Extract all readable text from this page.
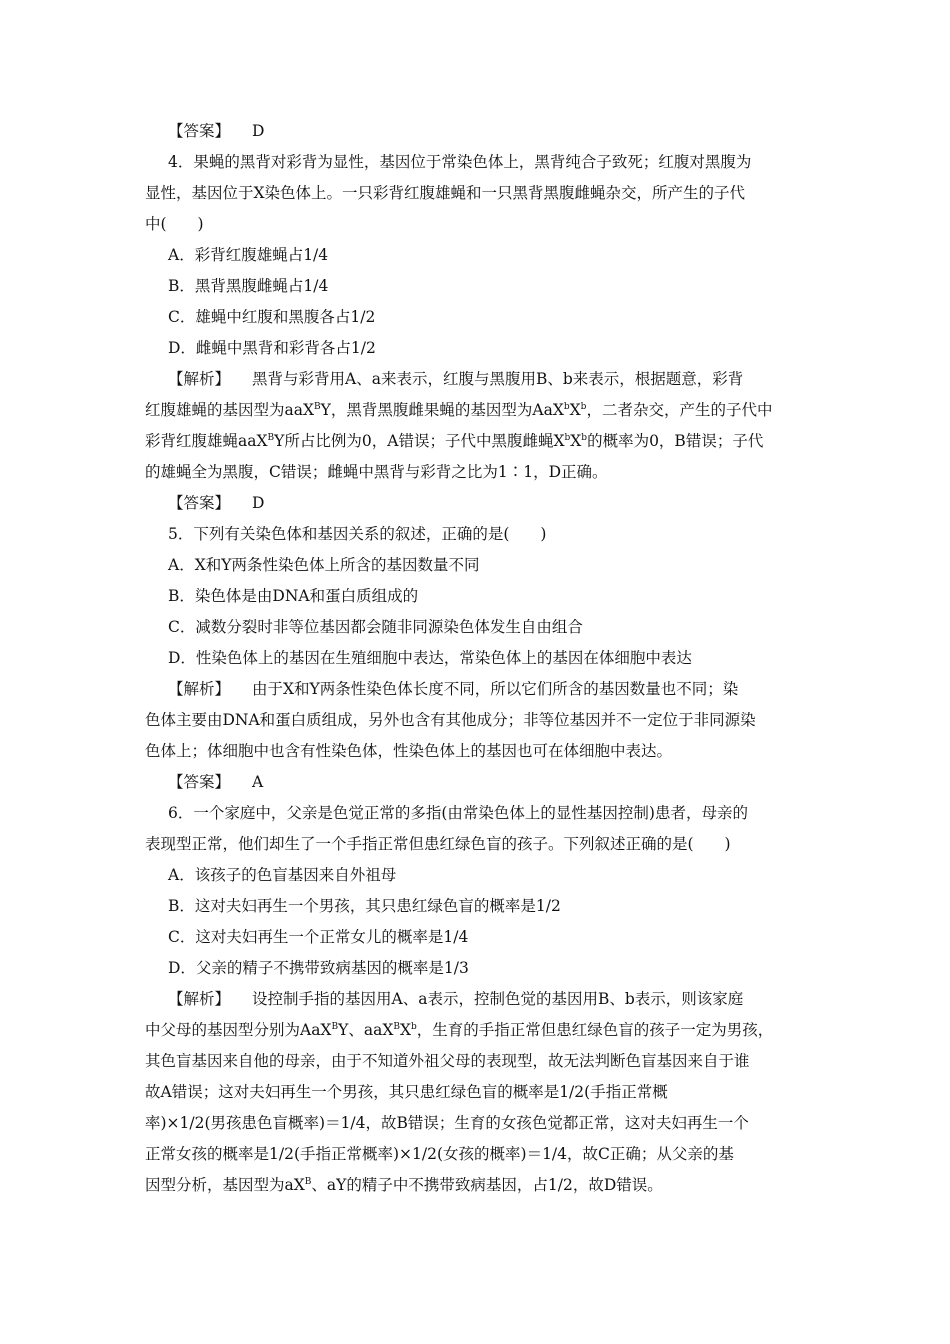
【答案】 D
4．果蝇的黑背对彩背为显性，基因位于常染色体上，黑背纯合子致死；红腹对黑腹为
显性，基因位于X染色体上。一只彩背红腹雄蝇和一只黑背黑腹雌蝇杂交，所产生的子代
中(　　)
A．彩背红腹雄蝇占1/4
B．黑背黑腹雌蝇占1/4
C．雄蝇中红腹和黑腹各占1/2
D．雌蝇中黑背和彩背各占1/2
【解析】 黑背与彩背用A、a来表示，红腹与黑腹用B、b来表示，根据题意，彩背
红腹雄蝇的基因型为aaX$^B$Y，黑背黑腹雌果蝇的基因型为$AaX^bX^b$，二者杂交，产生的子代中
彩背红腹雄蝇aaX$^B$Y所占比例为0，A错误；子代中黑腹雌蝇$X^bX^b$的概率为0，B错误；子代
的雄蝇全为黑腹，C错误；雌蝇中黑背与彩背之比为1∶1，D正确。
【答案】 D
5．下列有关染色体和基因关系的叙述，正确的是(　　)
A．X和Y两条性染色体上所含的基因数量不同
B．染色体是由DNA和蛋白质组成的
C．减数分裂时非等位基因都会随非同源染色体发生自由组合
D．性染色体上的基因在生殖细胞中表达，常染色体上的基因在体细胞中表达
【解析】 由于X和Y两条性染色体长度不同，所以它们所含的基因数量也不同；染
色体主要由DNA和蛋白质组成，另外也含有其他成分；非等位基因并不一定位于非同源染
色体上；体细胞中也含有性染色体，性染色体上的基因也可在体细胞中表达。
【答案】 A
6．一个家庭中，父亲是色觉正常的多指(由常染色体上的显性基因控制)患者，母亲的
表现型正常，他们却生了一个手指正常但患红绿色盲的孩子。下列叙述正确的是(　　)
A．该孩子的色盲基因来自外祖母
B．这对夫妇再生一个男孩，其只患红绿色盲的概率是1/2
C．这对夫妇再生一个正常女儿的概率是1/4
D．父亲的精子不携带致病基因的概率是1/3
【解析】 设控制手指的基因用A、a表示，控制色觉的基因用B、b表示，则该家庭
中父母的基因型分别为AaX$^B$Y、$aaX^BX^b$，生育的手指正常但患红绿色盲的孩子一定为男孩，
其色盲基因来自他的母亲，由于不知道外祖父母的表现型，故无法判断色盲基因来自于谁
故A错误；这对夫妇再生一个男孩，其只患红绿色盲的概率是1/2(手指正常概
率)×1/2(男孩患色盲概率)＝1/4，故B错误；生育的女孩色觉都正常，这对夫妇再生一个
正常女孩的概率是1/2(手指正常概率)×1/2(女孩的概率)＝1/4，故C正确；从父亲的基
因型分析，基因型为$aX^B$、aY的精子中不携带致病基因，占1/2，故D错误。
